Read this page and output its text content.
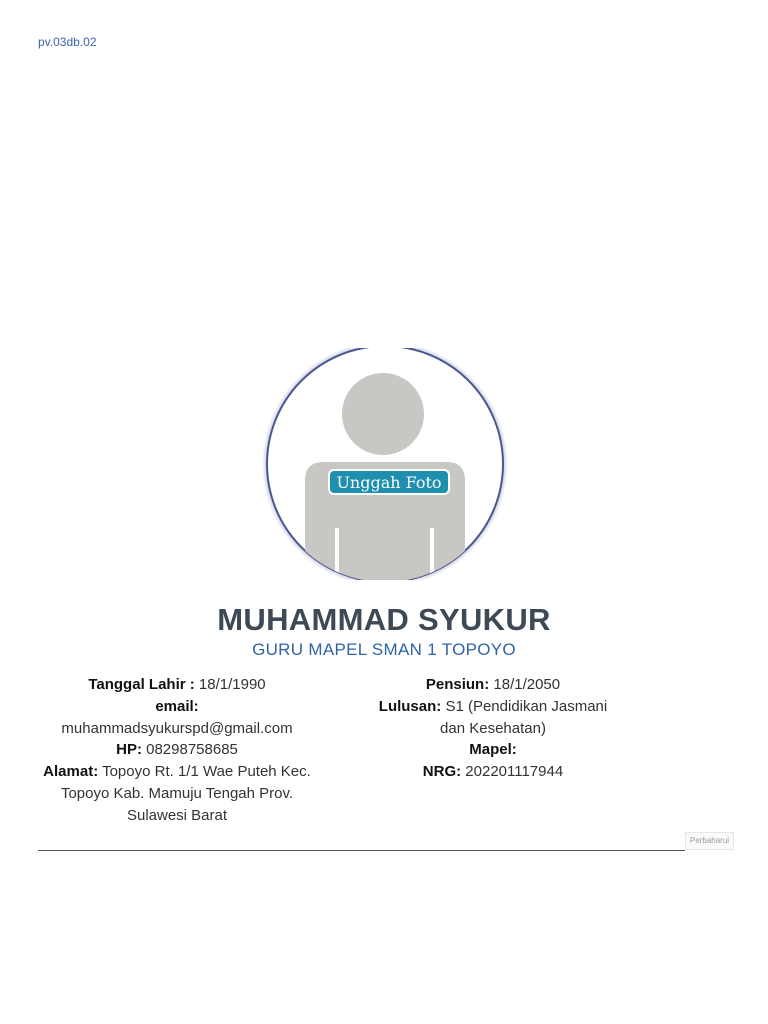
pv.03db.02
Unggah Foto
MUHAMMAD SYUKUR
GURU MAPEL SMAN 1 TOPOYO
Tanggal Lahir : 18/1/1990
email:
muhammadsyukurspd@gmail.com
HP: 08298758685
Alamat: Topoyo Rt. 1/1 Wae Puteh Kec. Topoyo Kab. Mamuju Tengah Prov. Sulawesi Barat
Pensiun: 18/1/2050
Lulusan: S1 (Pendidikan Jasmani dan Kesehatan)
Mapel:
NRG: 202201117944
Perbaharui
